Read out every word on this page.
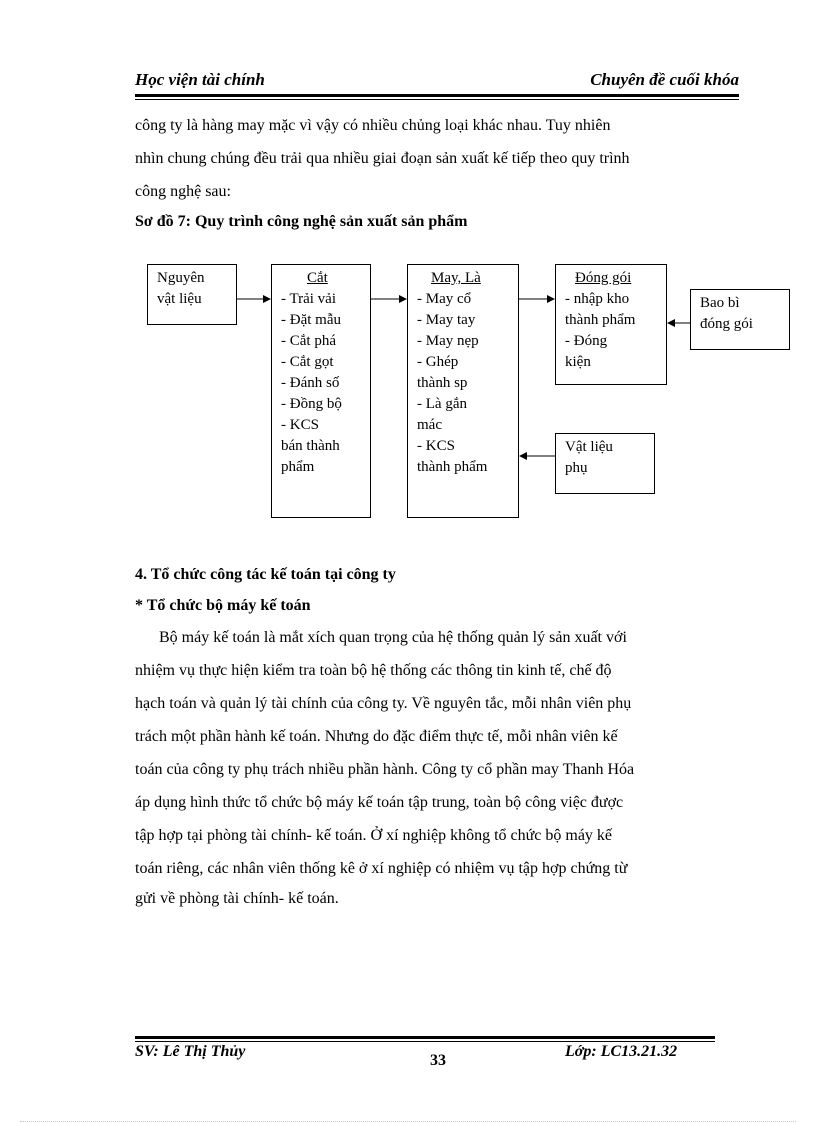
Học viện tài chính	Chuyên đề cuối khóa

công ty là hàng may mặc vì vậy có nhiều chủng loại khác nhau. Tuy nhiên

nhìn chung chúng đều trải qua nhiều giai đoạn sản xuất kế tiếp theo quy trình

công nghệ sau:

Sơ đồ 7: Quy trình công nghệ sản xuất sản phẩm
Nguyên
vật liệu
Cắt
- Trải vải
- Đặt mẫu
- Cắt phá
- Cắt gọt
- Đánh số
- Đồng bộ
- KCS
bán thành
phẩm
May, Là
- May cổ
- May tay
- May nẹp
- Ghép
thành sp
- Là gắn
mác
- KCS
thành phẩm
Đóng gói
- nhập kho
thành phẩm
- Đóng
kiện
Bao bì
đóng gói
Vật liệu
phụ
4. Tổ chức công tác kế toán tại công ty
* Tổ chức bộ máy kế toán

Bộ máy kế toán là mắt xích quan trọng của hệ thống quản lý sản xuất với

nhiệm vụ thực hiện kiểm tra toàn bộ hệ thống các thông tin kinh tế, chế độ

hạch toán và quản lý tài chính của công ty. Về nguyên tắc, mỗi nhân viên phụ

trách một phần hành kế toán. Nhưng do đặc điểm thực tế, mỗi nhân viên kế

toán của công ty phụ trách nhiều phần hành. Công ty cổ phần may Thanh Hóa

áp dụng hình thức tổ chức bộ máy kế toán tập trung, toàn bộ công việc được

tập hợp tại phòng tài chính- kế toán. Ở xí nghiệp không tổ chức bộ máy kế

toán riêng, các nhân viên thống kê ở xí nghiệp có nhiệm vụ tập hợp chứng từ

gửi về phòng tài chính- kế toán.

SV: Lê Thị Thủy
33
Lớp: LC13.21.32
